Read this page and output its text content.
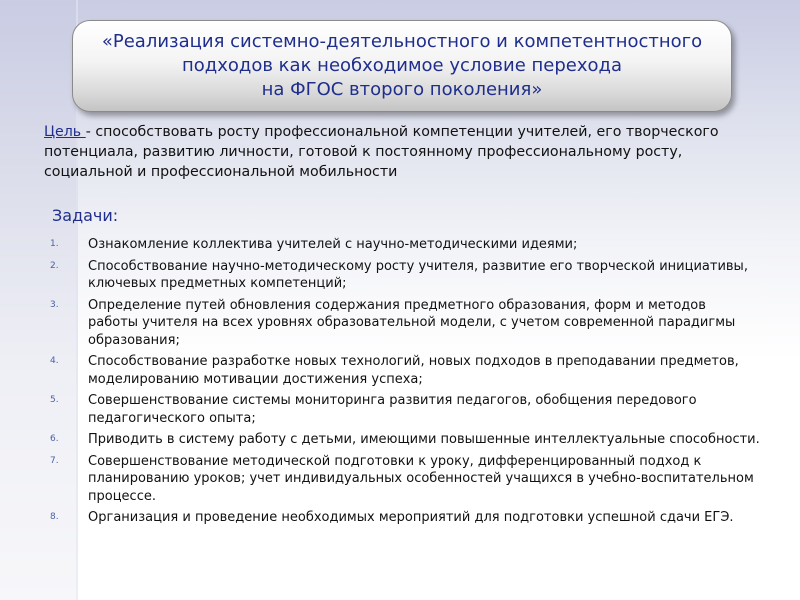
«Реализация системно-деятельностного и компетентностного
подходов как необходимое условие перехода
на ФГОС второго поколения»
Цель - способствовать росту профессиональной компетенции учителей, его творческого потенциала, развитию личности, готовой к постоянному профессиональному росту, социальной и профессиональной мобильности
Задачи:
1.	Ознакомление коллектива учителей с научно-методическими идеями;
2.	Способствование научно-методическому росту учителя, развитие его творческой инициативы, ключевых предметных компетенций;
3.	Определение путей обновления содержания предметного образования, форм и методов работы учителя на всех уровнях образовательной модели, с учетом современной парадигмы образования;
4.	Способствование разработке новых технологий, новых подходов в преподавании предметов, моделированию мотивации достижения успеха;
5.	Совершенствование системы мониторинга развития педагогов, обобщения передового педагогического опыта;
6.	Приводить в систему работу с детьми, имеющими повышенные интеллектуальные способности.
7.	Совершенствование методической подготовки к уроку, дифференцированный подход к планированию уроков; учет индивидуальных особенностей учащихся в учебно-воспитательном процессе.
8.	Организация и проведение необходимых мероприятий для подготовки успешной сдачи ЕГЭ.
